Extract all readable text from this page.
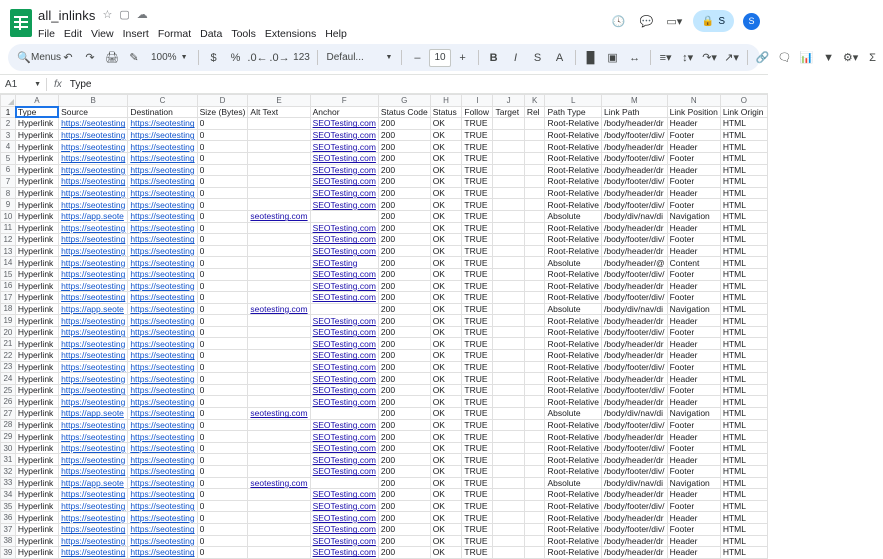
all_inlinks ☆ ▢ ☁
File Edit View Insert Format Data Tools Extensions Help
🕓 💬 ▭▾ 🔒 S	S
🔍 Menus ↶	↷ 🖨 ✎	100% ▼	$	% .0← .0→ 123 Defaul...	▼	–	10	+	B I	S	A	█	▣	↔	≡▾ ↕▾ ↷▾ ↗▾ 🔗 🗨 📊 ▼ ⚙▾ Σ
A1 ▼	fx Type
	A	B	C	D	E	F	G	H	I	J	K	L	M	N	O
1	Type	Source	Destination	Size (Bytes)	Alt Text	Anchor	Status Code	Status	Follow	Target	Rel	Path Type	Link Path	Link Position	Link Origin
2	Hyperlink	https://seotesting	https://seotesting	0		SEOTesting.com	200	OK	TRUE			Root-Relative	/body/header/dr	Header	HTML
3	Hyperlink	https://seotesting	https://seotesting	0		SEOTesting.com	200	OK	TRUE			Root-Relative	/body/footer/div/	Footer	HTML
4	Hyperlink	https://seotesting	https://seotesting	0		SEOTesting.com	200	OK	TRUE			Root-Relative	/body/header/dr	Header	HTML
5	Hyperlink	https://seotesting	https://seotesting	0		SEOTesting.com	200	OK	TRUE			Root-Relative	/body/footer/div/	Footer	HTML
6	Hyperlink	https://seotesting	https://seotesting	0		SEOTesting.com	200	OK	TRUE			Root-Relative	/body/header/dr	Header	HTML
7	Hyperlink	https://seotesting	https://seotesting	0		SEOTesting.com	200	OK	TRUE			Root-Relative	/body/footer/div/	Footer	HTML
8	Hyperlink	https://seotesting	https://seotesting	0		SEOTesting.com	200	OK	TRUE			Root-Relative	/body/header/dr	Header	HTML
9	Hyperlink	https://seotesting	https://seotesting	0		SEOTesting.com	200	OK	TRUE			Root-Relative	/body/footer/div/	Footer	HTML
10	Hyperlink	https://app.seote	https://seotesting	0	seotesting.com		200	OK	TRUE			Absolute	/body/div/nav/di	Navigation	HTML
11	Hyperlink	https://seotesting	https://seotesting	0		SEOTesting.com	200	OK	TRUE			Root-Relative	/body/header/dr	Header	HTML
12	Hyperlink	https://seotesting	https://seotesting	0		SEOTesting.com	200	OK	TRUE			Root-Relative	/body/footer/div/	Footer	HTML
13	Hyperlink	https://seotesting	https://seotesting	0		SEOTesting.com	200	OK	TRUE			Root-Relative	/body/header/dr	Header	HTML
14	Hyperlink	https://seotesting	https://seotesting	0		SEOTesting	200	OK	TRUE			Absolute	/body/header/@	Content	HTML
15	Hyperlink	https://seotesting	https://seotesting	0		SEOTesting.com	200	OK	TRUE			Root-Relative	/body/footer/div/	Footer	HTML
16	Hyperlink	https://seotesting	https://seotesting	0		SEOTesting.com	200	OK	TRUE			Root-Relative	/body/header/dr	Header	HTML
17	Hyperlink	https://seotesting	https://seotesting	0		SEOTesting.com	200	OK	TRUE			Root-Relative	/body/footer/div/	Footer	HTML
18	Hyperlink	https://app.seote	https://seotesting	0	seotesting.com		200	OK	TRUE			Absolute	/body/div/nav/di	Navigation	HTML
19	Hyperlink	https://seotesting	https://seotesting	0		SEOTesting.com	200	OK	TRUE			Root-Relative	/body/header/dr	Header	HTML
20	Hyperlink	https://seotesting	https://seotesting	0		SEOTesting.com	200	OK	TRUE			Root-Relative	/body/footer/div/	Footer	HTML
21	Hyperlink	https://seotesting	https://seotesting	0		SEOTesting.com	200	OK	TRUE			Root-Relative	/body/header/dr	Header	HTML
22	Hyperlink	https://seotesting	https://seotesting	0		SEOTesting.com	200	OK	TRUE			Root-Relative	/body/header/dr	Header	HTML
23	Hyperlink	https://seotesting	https://seotesting	0		SEOTesting.com	200	OK	TRUE			Root-Relative	/body/footer/div/	Footer	HTML
24	Hyperlink	https://seotesting	https://seotesting	0		SEOTesting.com	200	OK	TRUE			Root-Relative	/body/header/dr	Header	HTML
25	Hyperlink	https://seotesting	https://seotesting	0		SEOTesting.com	200	OK	TRUE			Root-Relative	/body/footer/div/	Footer	HTML
26	Hyperlink	https://seotesting	https://seotesting	0		SEOTesting.com	200	OK	TRUE			Root-Relative	/body/header/dr	Header	HTML
27	Hyperlink	https://app.seote	https://seotesting	0	seotesting.com		200	OK	TRUE			Absolute	/body/div/nav/di	Navigation	HTML
28	Hyperlink	https://seotesting	https://seotesting	0		SEOTesting.com	200	OK	TRUE			Root-Relative	/body/footer/div/	Footer	HTML
29	Hyperlink	https://seotesting	https://seotesting	0		SEOTesting.com	200	OK	TRUE			Root-Relative	/body/header/dr	Header	HTML
30	Hyperlink	https://seotesting	https://seotesting	0		SEOTesting.com	200	OK	TRUE			Root-Relative	/body/footer/div/	Footer	HTML
31	Hyperlink	https://seotesting	https://seotesting	0		SEOTesting.com	200	OK	TRUE			Root-Relative	/body/header/dr	Header	HTML
32	Hyperlink	https://seotesting	https://seotesting	0		SEOTesting.com	200	OK	TRUE			Root-Relative	/body/footer/div/	Footer	HTML
33	Hyperlink	https://app.seote	https://seotesting	0	seotesting.com		200	OK	TRUE			Absolute	/body/div/nav/di	Navigation	HTML
34	Hyperlink	https://seotesting	https://seotesting	0		SEOTesting.com	200	OK	TRUE			Root-Relative	/body/header/dr	Header	HTML
35	Hyperlink	https://seotesting	https://seotesting	0		SEOTesting.com	200	OK	TRUE			Root-Relative	/body/footer/div/	Footer	HTML
36	Hyperlink	https://seotesting	https://seotesting	0		SEOTesting.com	200	OK	TRUE			Root-Relative	/body/header/dr	Header	HTML
37	Hyperlink	https://seotesting	https://seotesting	0		SEOTesting.com	200	OK	TRUE			Root-Relative	/body/footer/div/	Footer	HTML
38	Hyperlink	https://seotesting	https://seotesting	0		SEOTesting.com	200	OK	TRUE			Root-Relative	/body/header/dr	Header	HTML
39	Hyperlink	https://seotesting	https://seotesting	0		SEOTesting.com	200	OK	TRUE			Root-Relative	/body/header/dr	Header	HTML
